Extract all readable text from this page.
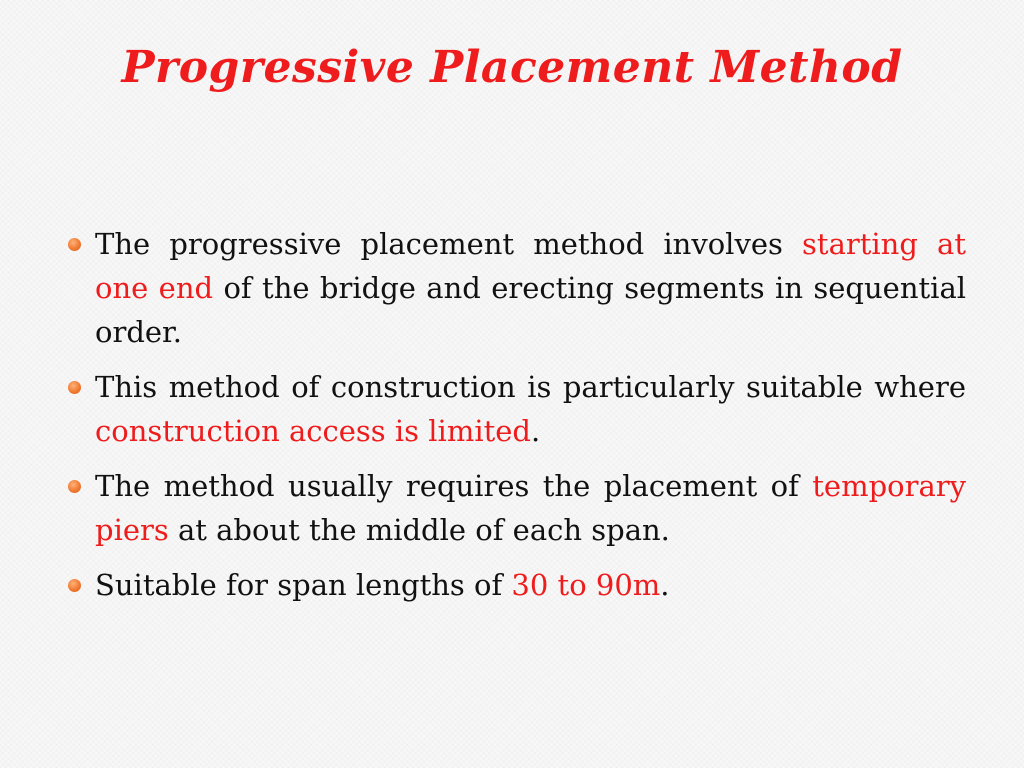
Progressive Placement Method
The progressive placement method involves starting at one end of the bridge and erecting segments in sequential order.
This method of construction is particularly suitable where construction access is limited.
The method usually requires the placement of temporary piers at about the middle of each span.
Suitable for span lengths of 30 to 90m.
